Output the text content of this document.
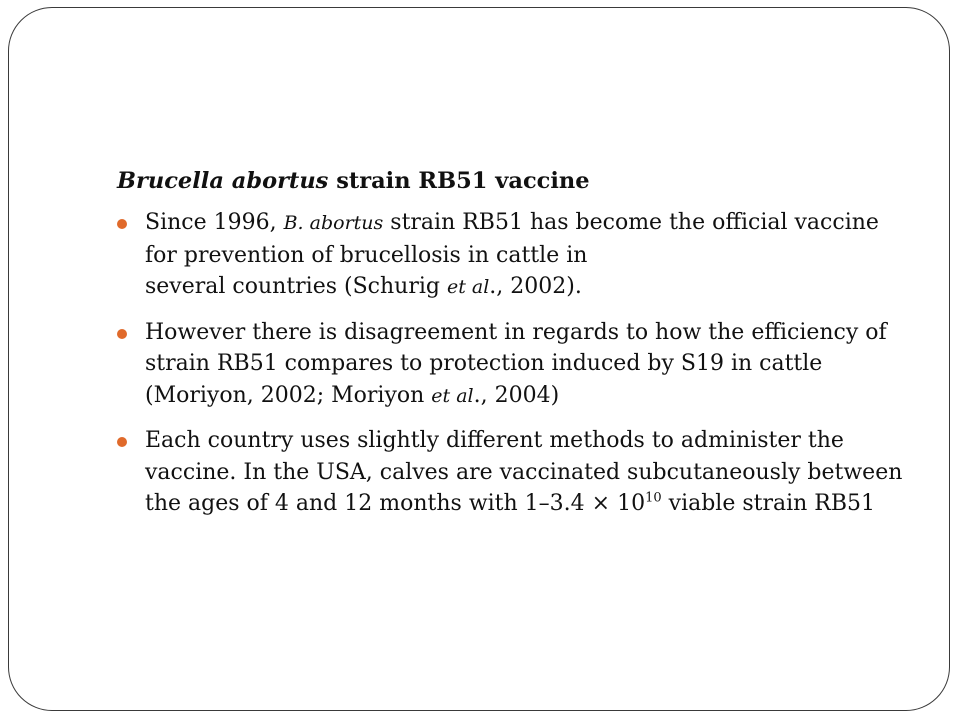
Brucella abortus strain RB51 vaccine
Since 1996, B. abortus strain RB51 has become the official vaccine
for prevention of brucellosis in cattle in
several countries (Schurig et al., 2002).
However there is disagreement in regards to how the efficiency of
strain RB51 compares to protection induced by S19 in cattle
(Moriyon, 2002; Moriyon et al., 2004)
Each country uses slightly different methods to administer the
vaccine. In the USA, calves are vaccinated subcutaneously between
the ages of 4 and 12 months with $1-3.4 \times 10^{10}$ viable strain RB51
